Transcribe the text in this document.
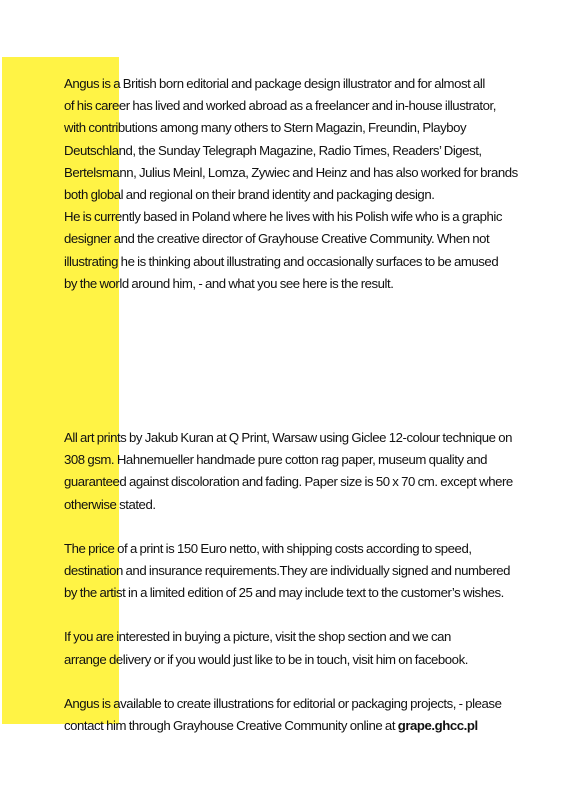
Angus is a British born editorial and package design illustrator and for almost all
of his career has lived and worked abroad as a freelancer and in-house illustrator,
with contributions among many others to Stern Magazin, Freundin, Playboy
Deutschland, the Sunday Telegraph Magazine, Radio Times, Readers’ Digest,
Bertelsmann, Julius Meinl, Lomza, Zywiec and Heinz and has also worked for brands
both global and regional on their brand identity and packaging design.
He is currently based in Poland where he lives with his Polish wife who is a graphic
designer and the creative director of Grayhouse Creative Community. When not
illustrating he is thinking about illustrating and occasionally surfaces to be amused
by the world around him, - and what you see here is the result.

All art prints by Jakub Kuran at Q Print, Warsaw using Giclee 12-colour technique on
308 gsm. Hahnemueller handmade pure cotton rag paper, museum quality and
guaranteed against discoloration and fading. Paper size is 50 x 70 cm. except where
otherwise stated.

The price of a print is 150 Euro netto, with shipping costs according to speed,
destination and insurance requirements.They are individually signed and numbered
by the artist in a limited edition of 25 and may include text to the customer’s wishes.

If you are interested in buying a picture, visit the shop section and we can
arrange delivery or if you would just like to be in touch, visit him on facebook.

Angus is available to create illustrations for editorial or packaging projects, - please
contact him through Grayhouse Creative Community online at grape.ghcc.pl
